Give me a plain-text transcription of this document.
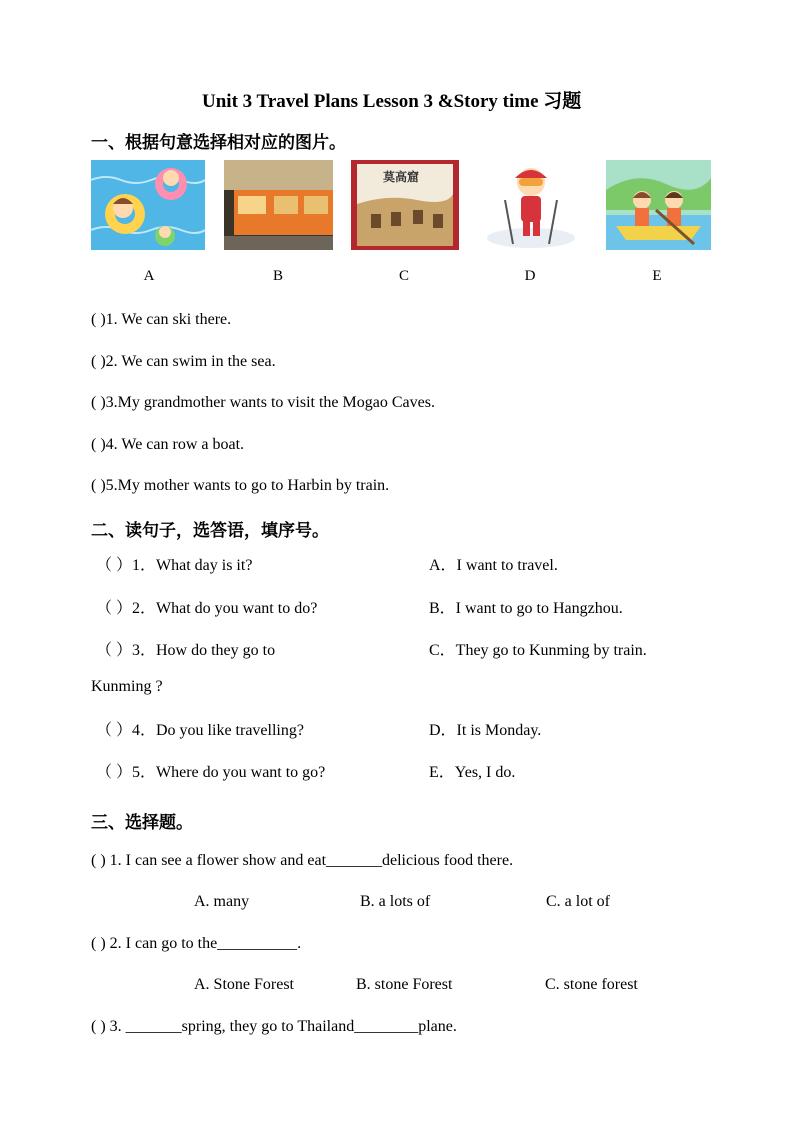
Unit 3 Travel Plans Lesson 3 &Story time 习题
一、根据句意选择相对应的图片。
莫高窟
A	B	C	D	E
( )1. We can ski there.
( )2. We can swim in the sea.
( )3.My grandmother wants to visit the Mogao Caves.
( )4. We can row a boat.
( )5.My mother wants to go to Harbin by train.
二、读句子，选答语，填序号。
（ ）1．What day is it?	A．I want to travel.
（ ）2．What do you want to do?	B．I want to go to Hangzhou.
（ ）3．How do they go to	C．They go to Kunming by train.
Kunming ?
（ ）4．Do you like travelling?	D．It is Monday.
（ ）5．Where do you want to go?	E．Yes, I do.
三、选择题。
( ) 1. I can see a flower show and eat_______delicious food there.
A. many	B. a lots of	C. a lot of
( ) 2. I can go to the__________.
A. Stone Forest	B. stone Forest	C. stone forest
( ) 3. _______spring, they go to Thailand________plane.
